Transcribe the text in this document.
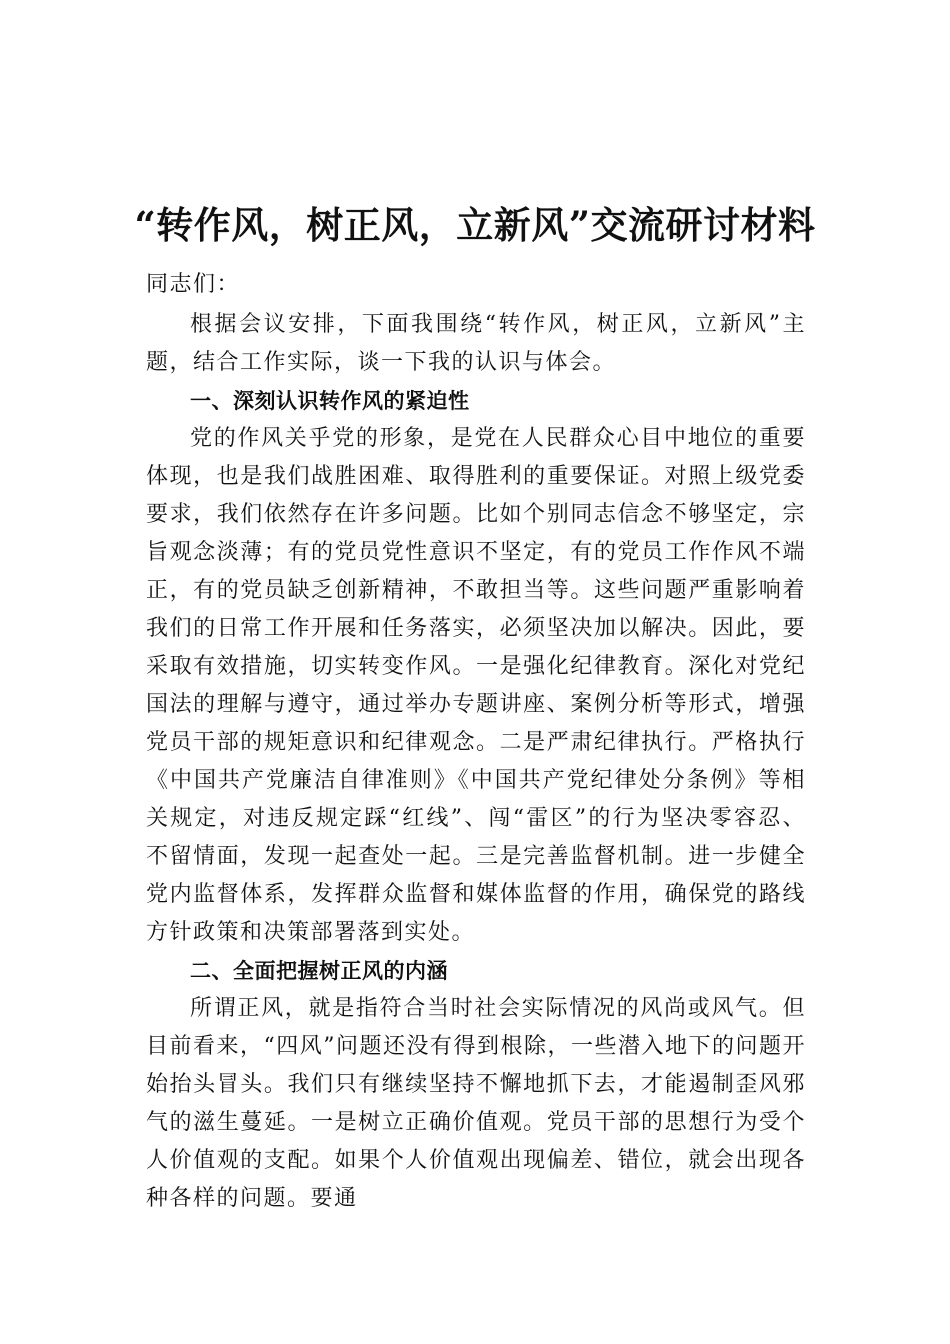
“转作风，树正风，立新风”交流研讨材料

同志们：

根据会议安排，下面我围绕“转作风，树正风，立新风”主题，结合工作实际，谈一下我的认识与体会。

一、深刻认识转作风的紧迫性

党的作风关乎党的形象，是党在人民群众心目中地位的重要体现，也是我们战胜困难、取得胜利的重要保证。对照上级党委要求，我们依然存在许多问题。比如个别同志信念不够坚定，宗旨观念淡薄；有的党员党性意识不坚定，有的党员工作作风不端正，有的党员缺乏创新精神，不敢担当等。这些问题严重影响着我们的日常工作开展和任务落实，必须坚决加以解决。因此，要采取有效措施，切实转变作风。一是强化纪律教育。深化对党纪国法的理解与遵守，通过举办专题讲座、案例分析等形式，增强党员干部的规矩意识和纪律观念。二是严肃纪律执行。严格执行《中国共产党廉洁自律准则》《中国共产党纪律处分条例》等相关规定，对违反规定踩“红线”、闯“雷区”的行为坚决零容忍、不留情面，发现一起查处一起。三是完善监督机制。进一步健全党内监督体系，发挥群众监督和媒体监督的作用，确保党的路线方针政策和决策部署落到实处。

二、全面把握树正风的内涵

所谓正风，就是指符合当时社会实际情况的风尚或风气。但目前看来，“四风”问题还没有得到根除，一些潜入地下的问题开始抬头冒头。我们只有继续坚持不懈地抓下去，才能遏制歪风邪气的滋生蔓延。一是树立正确价值观。党员干部的思想行为受个人价值观的支配。如果个人价值观出现偏差、错位，就会出现各种各样的问题。要通
